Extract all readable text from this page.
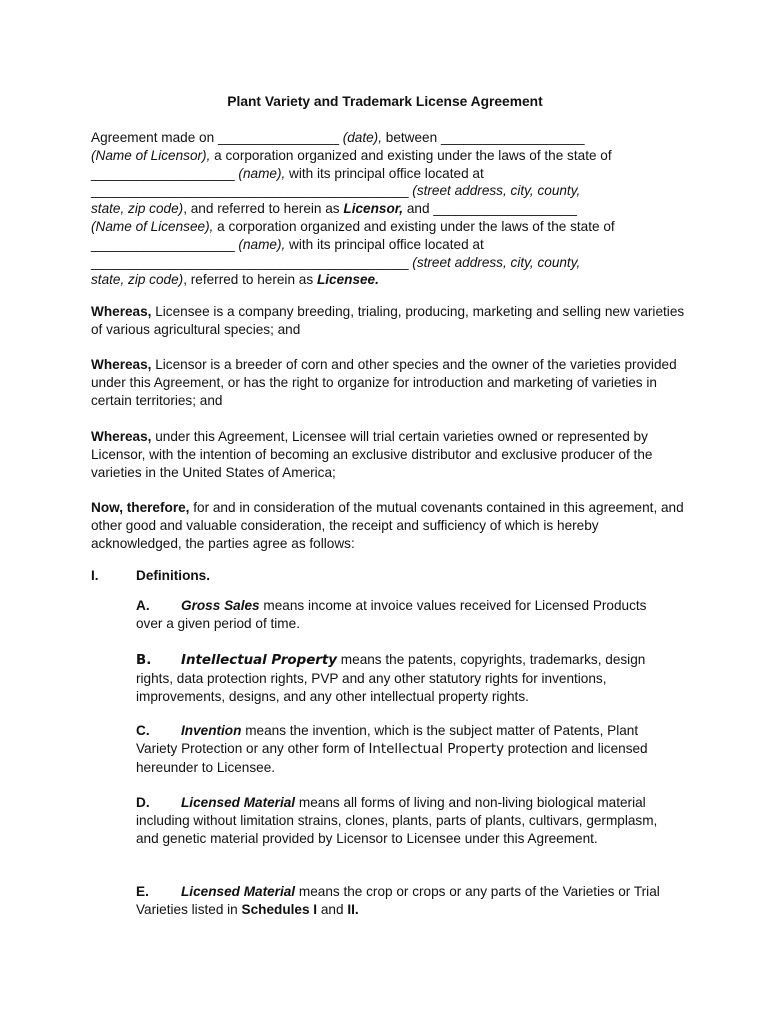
Plant Variety and Trademark License Agreement
Agreement made on ________________ (date), between ___________________
(Name of Licensor), a corporation organized and existing under the laws of the state of
___________________ (name), with its principal office located at
__________________________________________ (street address, city, county,
state, zip code), and referred to herein as Licensor, and ___________________
(Name of Licensee), a corporation organized and existing under the laws of the state of
___________________ (name), with its principal office located at
__________________________________________ (street address, city, county,
state, zip code), referred to herein as Licensee.
Whereas, Licensee is a company breeding, trialing, producing, marketing and selling new varieties of various agricultural species; and
Whereas, Licensor is a breeder of corn and other species and the owner of the varieties provided under this Agreement, or has the right to organize for introduction and marketing of varieties in certain territories; and
Whereas, under this Agreement, Licensee will trial certain varieties owned or represented by Licensor, with the intention of becoming an exclusive distributor and exclusive producer of the varieties in the United States of America;
Now, therefore, for and in consideration of the mutual covenants contained in this agreement, and other good and valuable consideration, the receipt and sufficiency of which is hereby acknowledged, the parties agree as follows:
I.	Definitions.
A. Gross Sales means income at invoice values received for Licensed Products over a given period of time.
B. Intellectual Property means the patents, copyrights, trademarks, design rights, data protection rights, PVP and any other statutory rights for inventions, improvements, designs, and any other intellectual property rights.
C. Invention means the invention, which is the subject matter of Patents, Plant Variety Protection or any other form of Intellectual Property protection and licensed hereunder to Licensee.
D. Licensed Material means all forms of living and non-living biological material including without limitation strains, clones, plants, parts of plants, cultivars, germplasm, and genetic material provided by Licensor to Licensee under this Agreement.
E. Licensed Material means the crop or crops or any parts of the Varieties or Trial Varieties listed in Schedules I and II.
